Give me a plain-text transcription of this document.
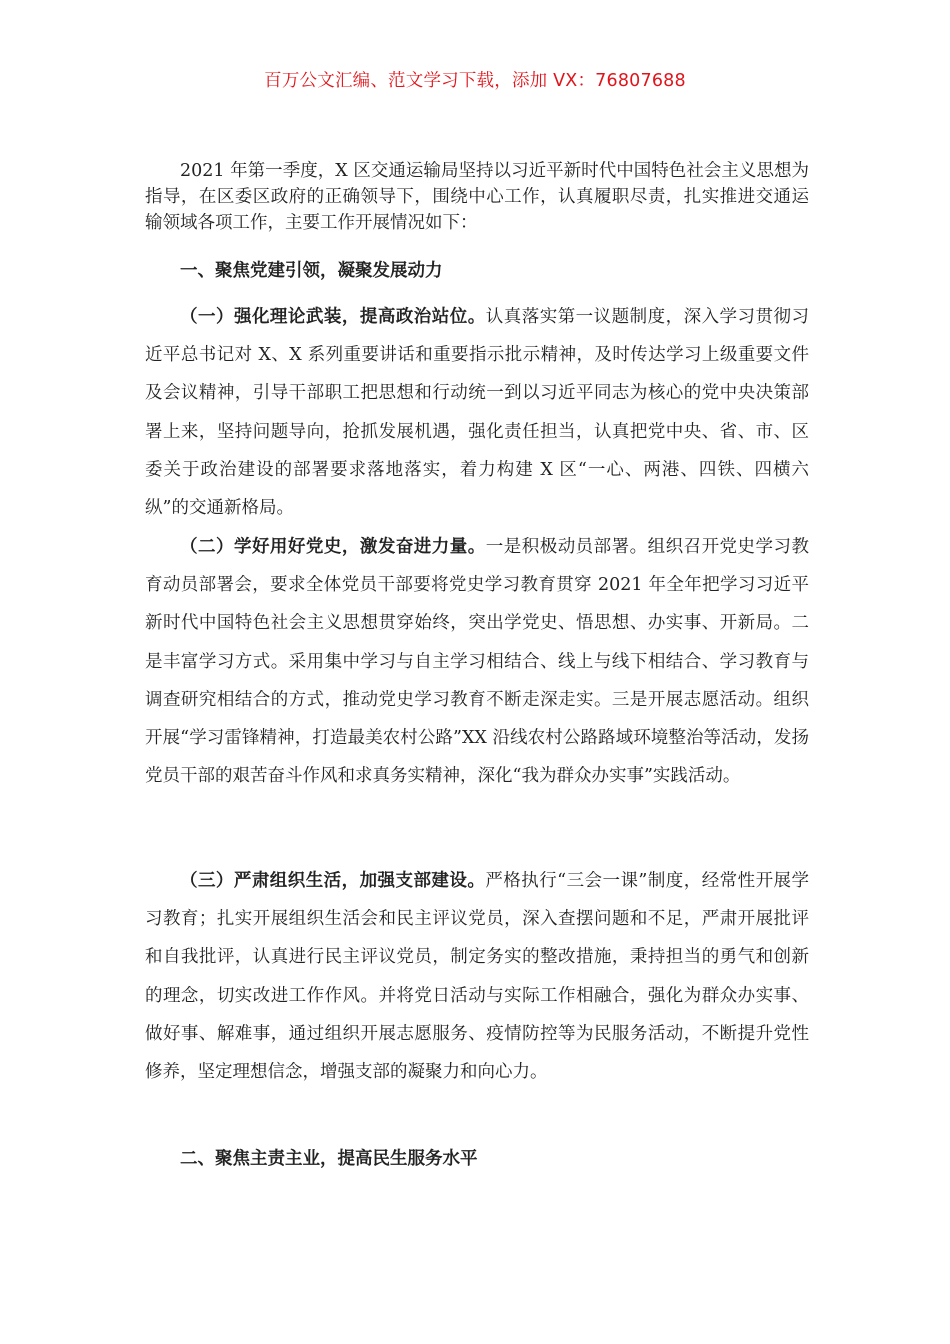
百万公文汇编、范文学习下载，添加 VX：76807688

2021 年第一季度，X 区交通运输局坚持以习近平新时代中国特色社会主义思想为指导，在区委区政府的正确领导下，围绕中心工作，认真履职尽责，扎实推进交通运输领域各项工作，主要工作开展情况如下：

一、聚焦党建引领，凝聚发展动力

（一）强化理论武装，提高政治站位。认真落实第一议题制度，深入学习贯彻习近平总书记对 X、X 系列重要讲话和重要指示批示精神，及时传达学习上级重要文件及会议精神，引导干部职工把思想和行动统一到以习近平同志为核心的党中央决策部署上来，坚持问题导向，抢抓发展机遇，强化责任担当，认真把党中央、省、市、区委关于政治建设的部署要求落地落实，着力构建 X 区“一心、两港、四铁、四横六纵”的交通新格局。

（二）学好用好党史，激发奋进力量。一是积极动员部署。组织召开党史学习教育动员部署会，要求全体党员干部要将党史学习教育贯穿 2021 年全年把学习习近平新时代中国特色社会主义思想贯穿始终，突出学党史、悟思想、办实事、开新局。二是丰富学习方式。采用集中学习与自主学习相结合、线上与线下相结合、学习教育与调查研究相结合的方式，推动党史学习教育不断走深走实。三是开展志愿活动。组织开展“学习雷锋精神，打造最美农村公路”XX 沿线农村公路路域环境整治等活动，发扬党员干部的艰苦奋斗作风和求真务实精神，深化“我为群众办实事”实践活动。

（三）严肃组织生活，加强支部建设。严格执行“三会一课”制度，经常性开展学习教育；扎实开展组织生活会和民主评议党员，深入查摆问题和不足，严肃开展批评和自我批评，认真进行民主评议党员，制定务实的整改措施，秉持担当的勇气和创新的理念，切实改进工作作风。并将党日活动与实际工作相融合，强化为群众办实事、做好事、解难事，通过组织开展志愿服务、疫情防控等为民服务活动，不断提升党性修养，坚定理想信念，增强支部的凝聚力和向心力。

二、聚焦主责主业，提高民生服务水平
